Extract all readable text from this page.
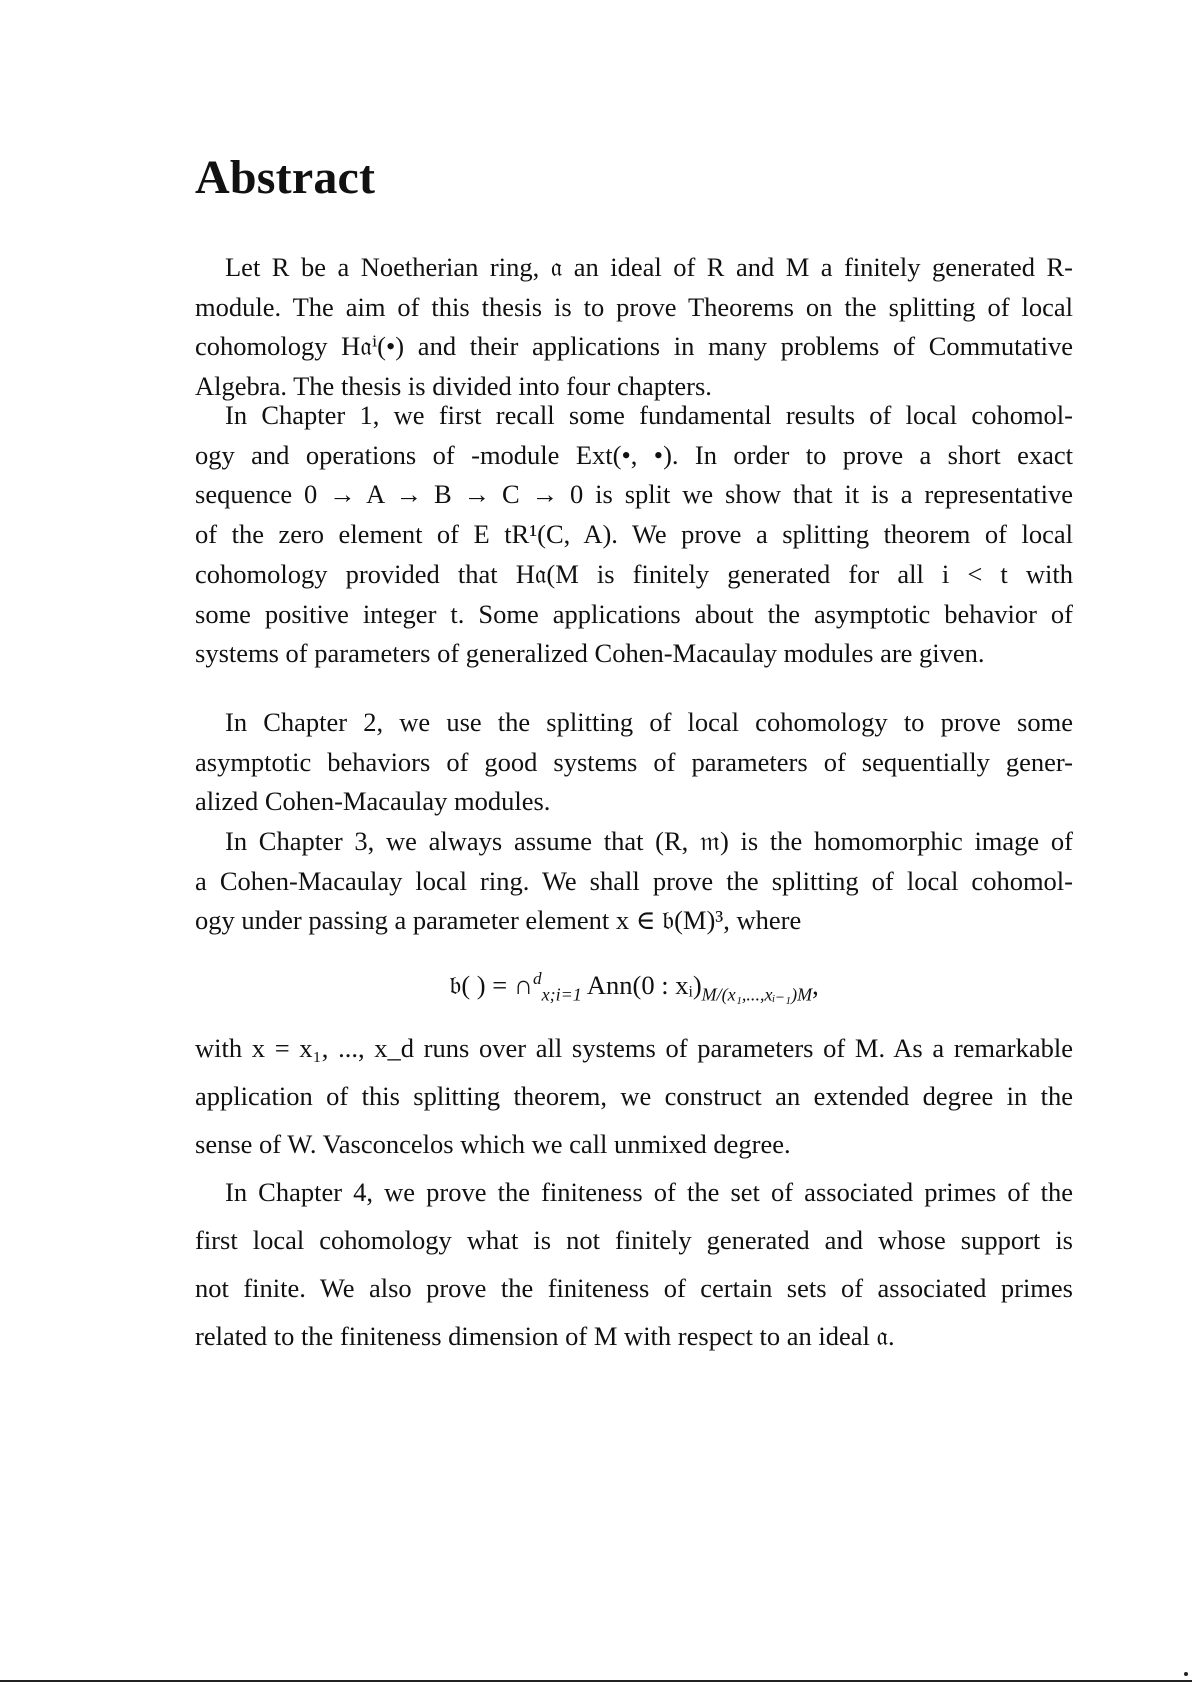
Abstract
Let R be a Noetherian ring, 𝔞 an ideal of R and M a finitely generated R-
module. The aim of this thesis is to prove Theorems on the splitting of local
cohomology H𝔞ⁱ(•) and their applications in many problems of Commutative
Algebra. The thesis is divided into four chapters.
In Chapter 1, we first recall some fundamental results of local cohomol-
ogy and operations of -module Ext(•, •). In order to prove a short exact
sequence 0 → A → B → C → 0 is split we show that it is a representative
of the zero element of E tR¹(C, A). We prove a splitting theorem of local
cohomology provided that H𝔞(M is finitely generated for all i < t with
some positive integer t. Some applications about the asymptotic behavior of
systems of parameters of generalized Cohen-Macaulay modules are given.
In Chapter 2, we use the splitting of local cohomology to prove some
asymptotic behaviors of good systems of parameters of sequentially gener-
alized Cohen-Macaulay modules.
In Chapter 3, we always assume that (R, 𝔪) is the homomorphic image of
a Cohen-Macaulay local ring. We shall prove the splitting of local cohomol-
ogy under passing a parameter element x ∈ 𝔟(M)³, where
𝔟( ) = ∩$^d_{x;i=1}$ Ann(0 : $xᵢ)_{M/(x_1,...,xᵢ_{-1})M}$,
with x = x₁, ..., x_d runs over all systems of parameters of M. As a remarkable
application of this splitting theorem, we construct an extended degree in the
sense of W. Vasconcelos which we call unmixed degree.
In Chapter 4, we prove the finiteness of the set of associated primes of the
first local cohomology what is not finitely generated and whose support is
not finite. We also prove the finiteness of certain sets of associated primes
related to the finiteness dimension of M with respect to an ideal 𝔞.
